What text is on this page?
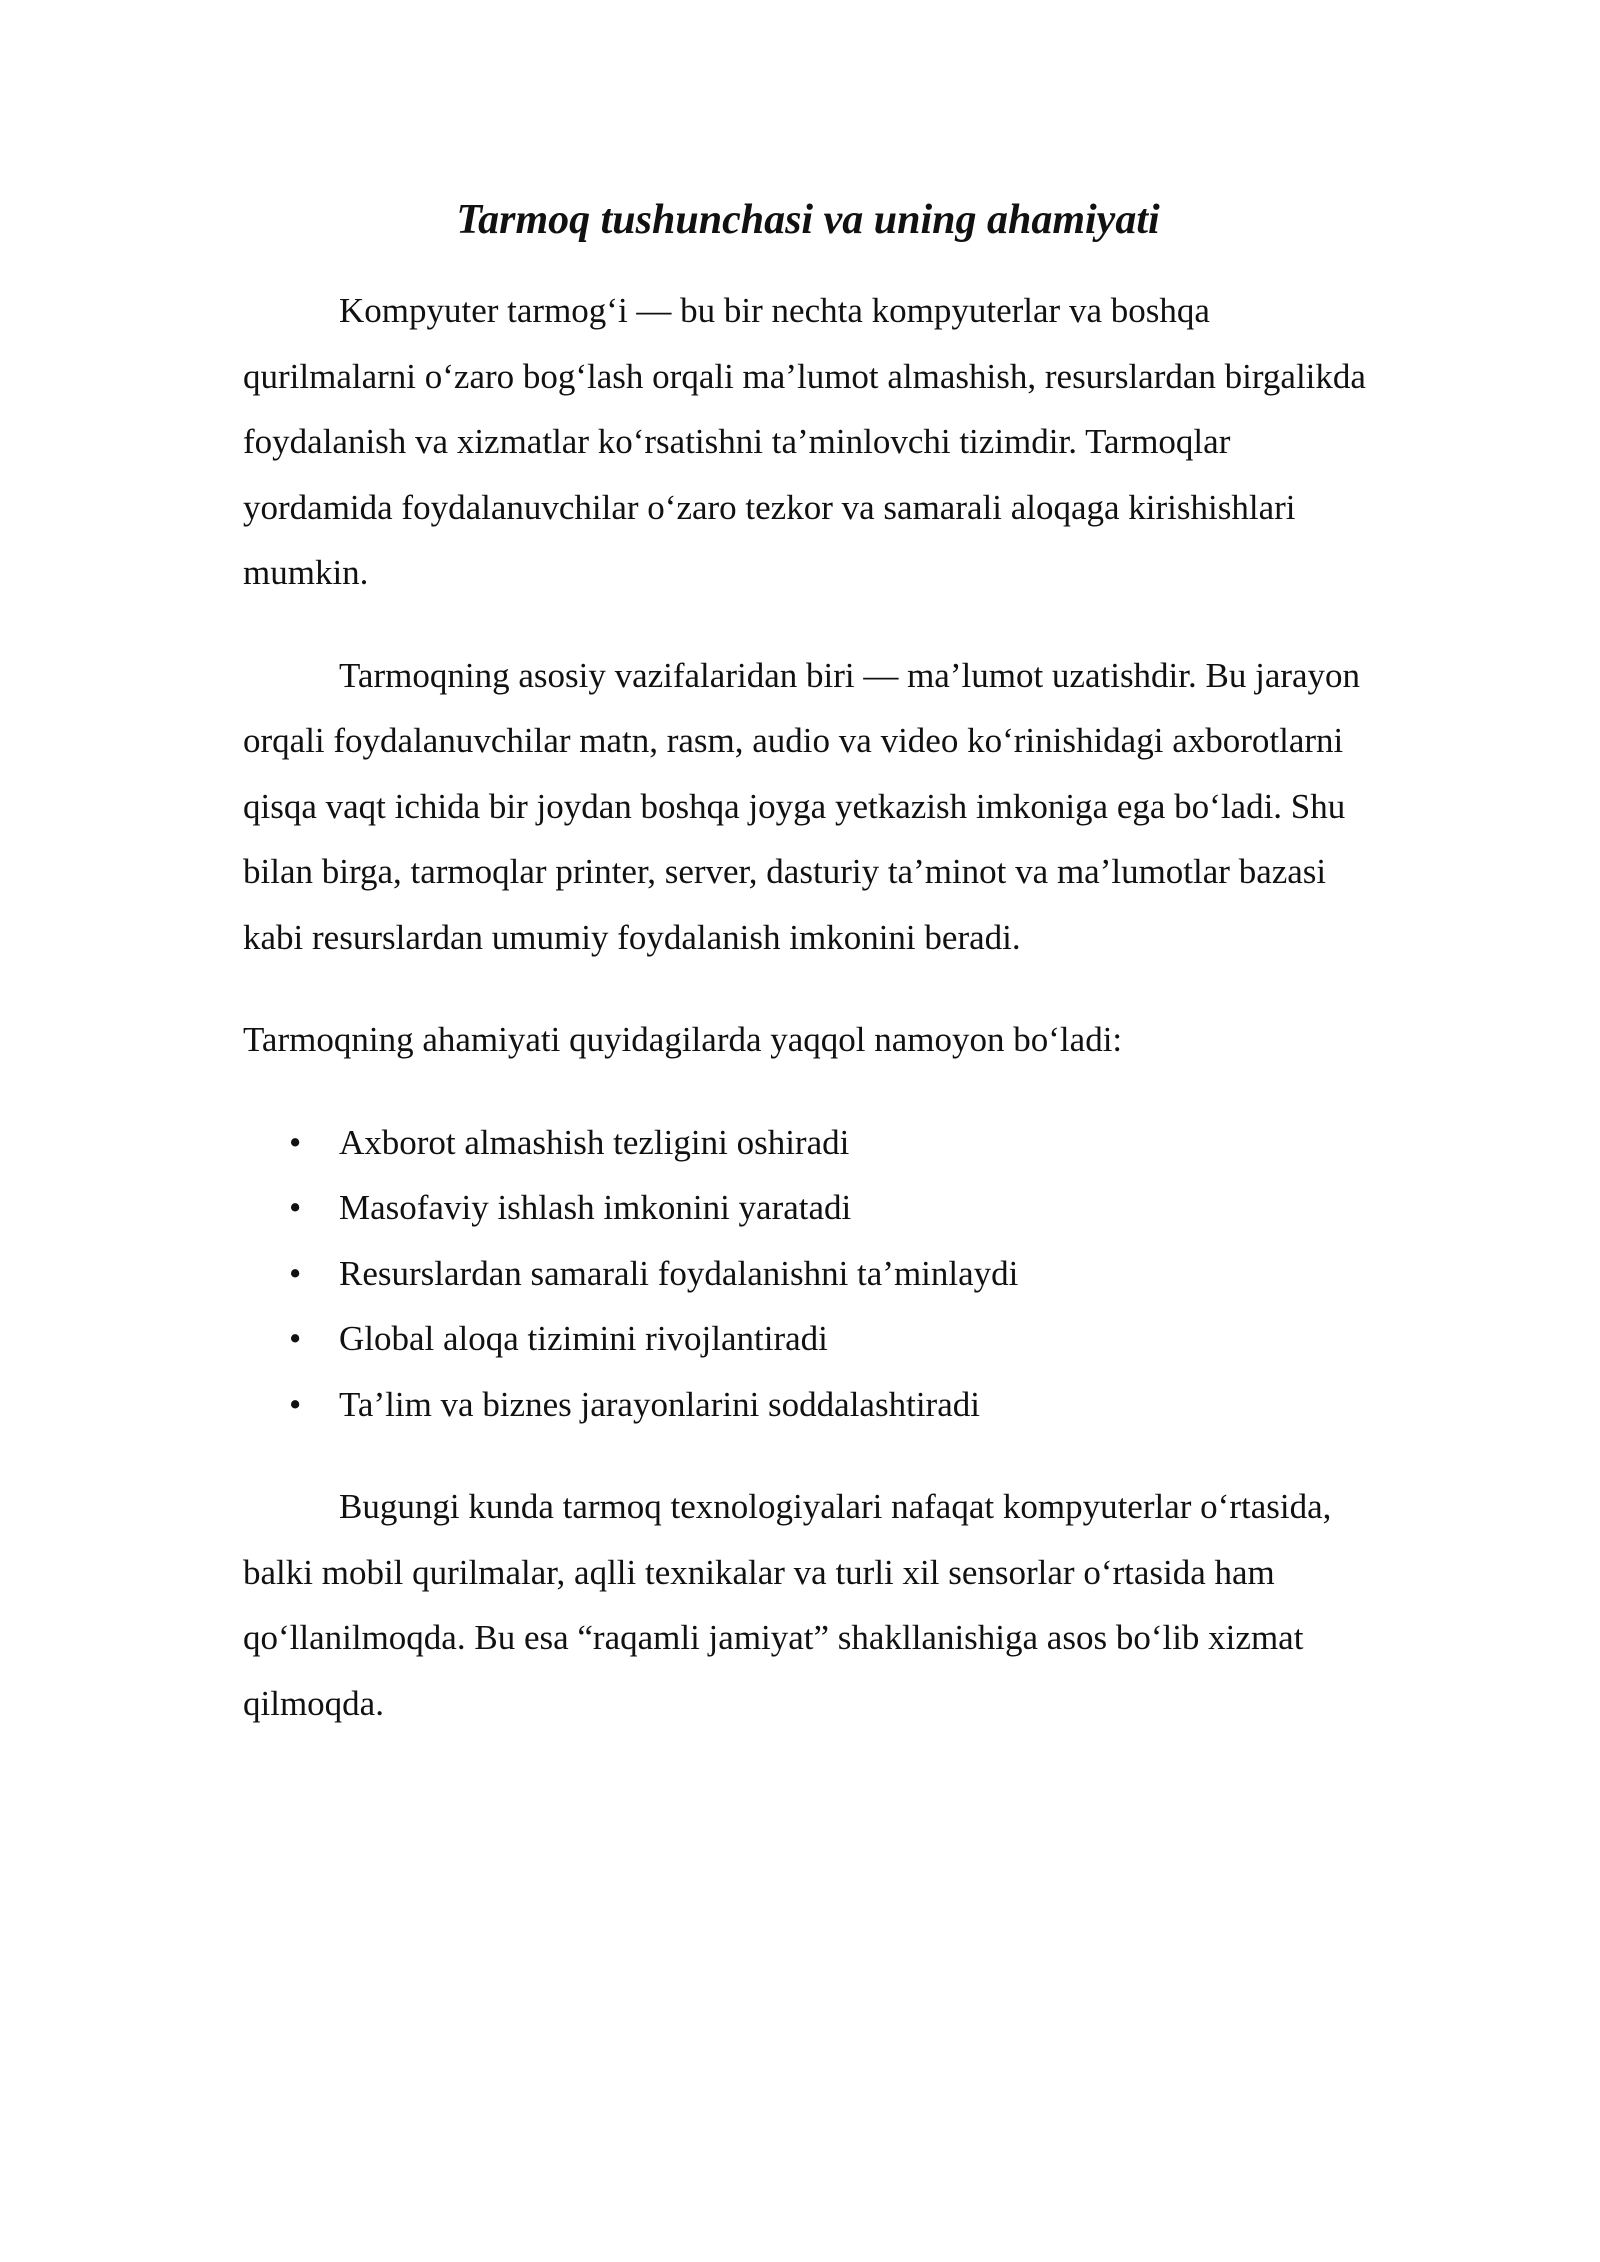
Tarmoq tushunchasi va uning ahamiyati

Kompyuter tarmog‘i — bu bir nechta kompyuterlar va boshqa qurilmalarni o‘zaro bog‘lash orqali ma’lumot almashish, resurslardan birgalikda foydalanish va xizmatlar ko‘rsatishni ta’minlovchi tizimdir. Tarmoqlar yordamida foydalanuvchilar o‘zaro tezkor va samarali aloqaga kirishishlari mumkin.

Tarmoqning asosiy vazifalaridan biri — ma’lumot uzatishdir. Bu jarayon orqali foydalanuvchilar matn, rasm, audio va video ko‘rinishidagi axborotlarni qisqa vaqt ichida bir joydan boshqa joyga yetkazish imkoniga ega bo‘ladi. Shu bilan birga, tarmoqlar printer, server, dasturiy ta’minot va ma’lumotlar bazasi kabi resurslardan umumiy foydalanish imkonini beradi.

Tarmoqning ahamiyati quyidagilarda yaqqol namoyon bo‘ladi:

• Axborot almashish tezligini oshiradi
• Masofaviy ishlash imkonini yaratadi
• Resurslardan samarali foydalanishni ta’minlaydi
• Global aloqa tizimini rivojlantiradi
• Ta’lim va biznes jarayonlarini soddalashtiradi

Bugungi kunda tarmoq texnologiyalari nafaqat kompyuterlar o‘rtasida, balki mobil qurilmalar, aqlli texnikalar va turli xil sensorlar o‘rtasida ham qo‘llanilmoqda. Bu esa “raqamli jamiyat” shakllanishiga asos bo‘lib xizmat qilmoqda.
